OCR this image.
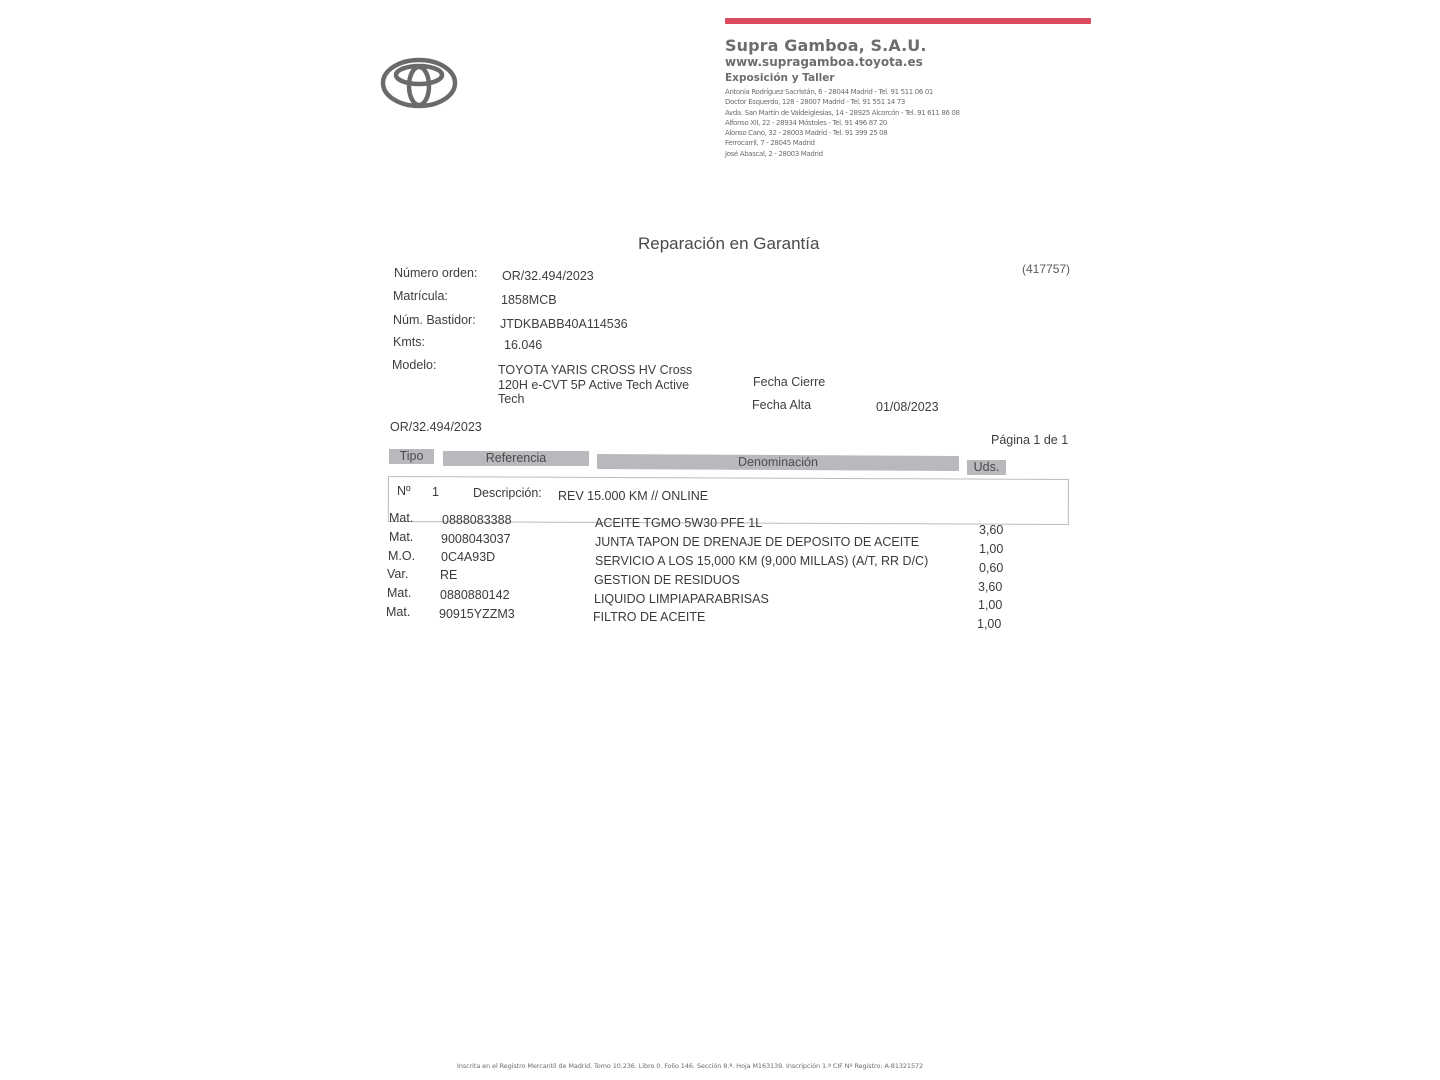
Supra Gamboa, S.A.U.
www.supragamboa.toyota.es
Exposición y Taller
Antonia Rodríguez Sacristán, 6 - 28044 Madrid - Tel. 91 511 06 01
Doctor Esquerdo, 128 - 28007 Madrid - Tel. 91 551 14 73
Avda. San Martín de Valdeiglesias, 14 - 28925 Alcorcón - Tel. 91 611 86 08
Alfonso XII, 22 - 28934 Móstoles - Tel. 91 496 87 20
Alonso Cano, 32 - 28003 Madrid - Tel. 91 399 25 08
Ferrocarril, 7 - 28045 Madrid
José Abascal, 2 - 28003 Madrid
Reparación en Garantía
(417757)
Número orden: OR/32.494/2023
Matrícula:	1858MCB
Núm. Bastidor: JTDKBABB40A114536
Kmts:	16.046
Modelo:	TOYOTA YARIS CROSS HV Cross 120H e-CVT 5P Active Tech Active Tech
Fecha Cierre
Fecha Alta	01/08/2023
OR/32.494/2023
Página 1 de 1
Tipo	Referencia	Denominación	Uds.
Nº 1	Descripción: REV 15.000 KM // ONLINE
Mat. 0888083388	ACEITE TGMO 5W30 PFE 1L	3,60
Mat. 9008043037	JUNTA TAPON DE DRENAJE DE DEPOSITO DE ACEITE	1,00
M.O. 0C4A93D	SERVICIO A LOS 15,000 KM (9,000 MILLAS) (A/T, RR D/C)	0,60
Var.	RE	GESTION DE RESIDUOS	3,60
Mat. 0880880142	LIQUIDO LIMPIAPARABRISAS	1,00
Mat. 90915YZZM3	FILTRO DE ACEITE	1,00
Inscrita en el Registro Mercantil de Madrid. Tomo 10.236. Libro 0. Folio 146. Sección 8.ª. Hoja M163139. Inscripción 1.ª CIF Nº Registro: A-81321572
